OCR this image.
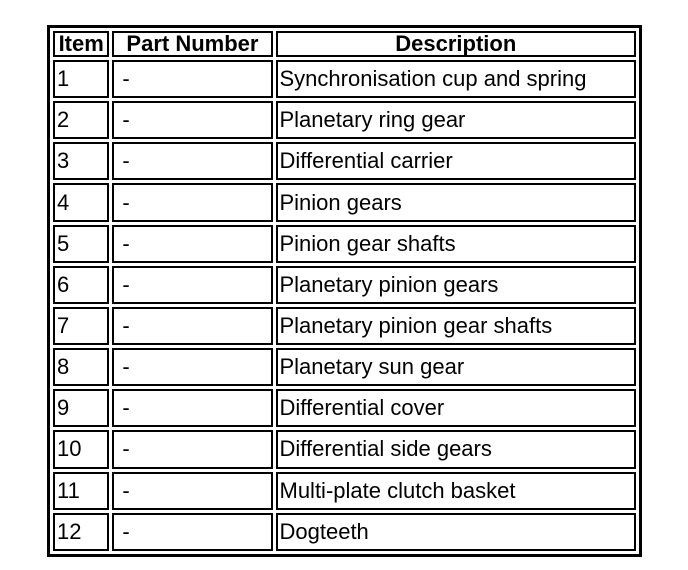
Item	Part Number	Description
1	-	Synchronisation cup and spring
2	-	Planetary ring gear
3	-	Differential carrier
4	-	Pinion gears
5	-	Pinion gear shafts
6	-	Planetary pinion gears
7	-	Planetary pinion gear shafts
8	-	Planetary sun gear
9	-	Differential cover
10	-	Differential side gears
11	-	Multi-plate clutch basket
12	-	Dogteeth
